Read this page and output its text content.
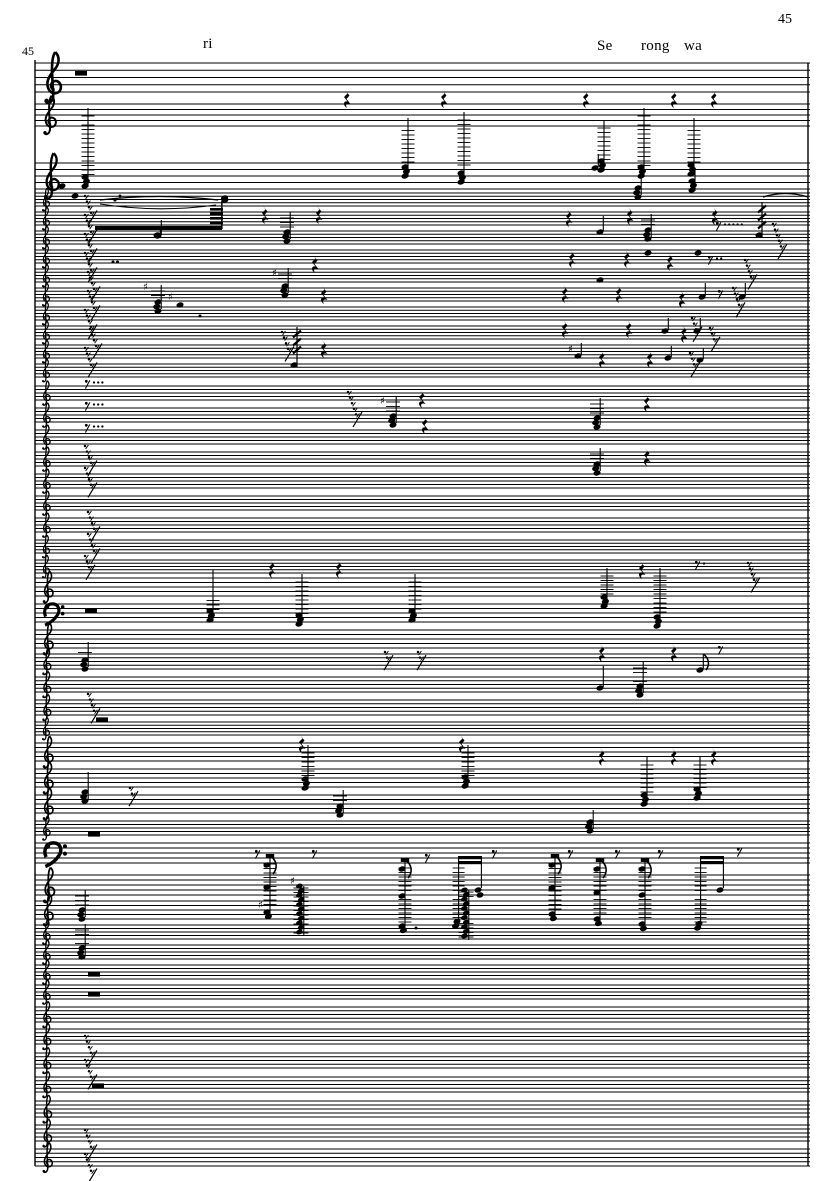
45
45	ri	Se rong wa
♯
♯
♯
♯
♯
♯
♯
